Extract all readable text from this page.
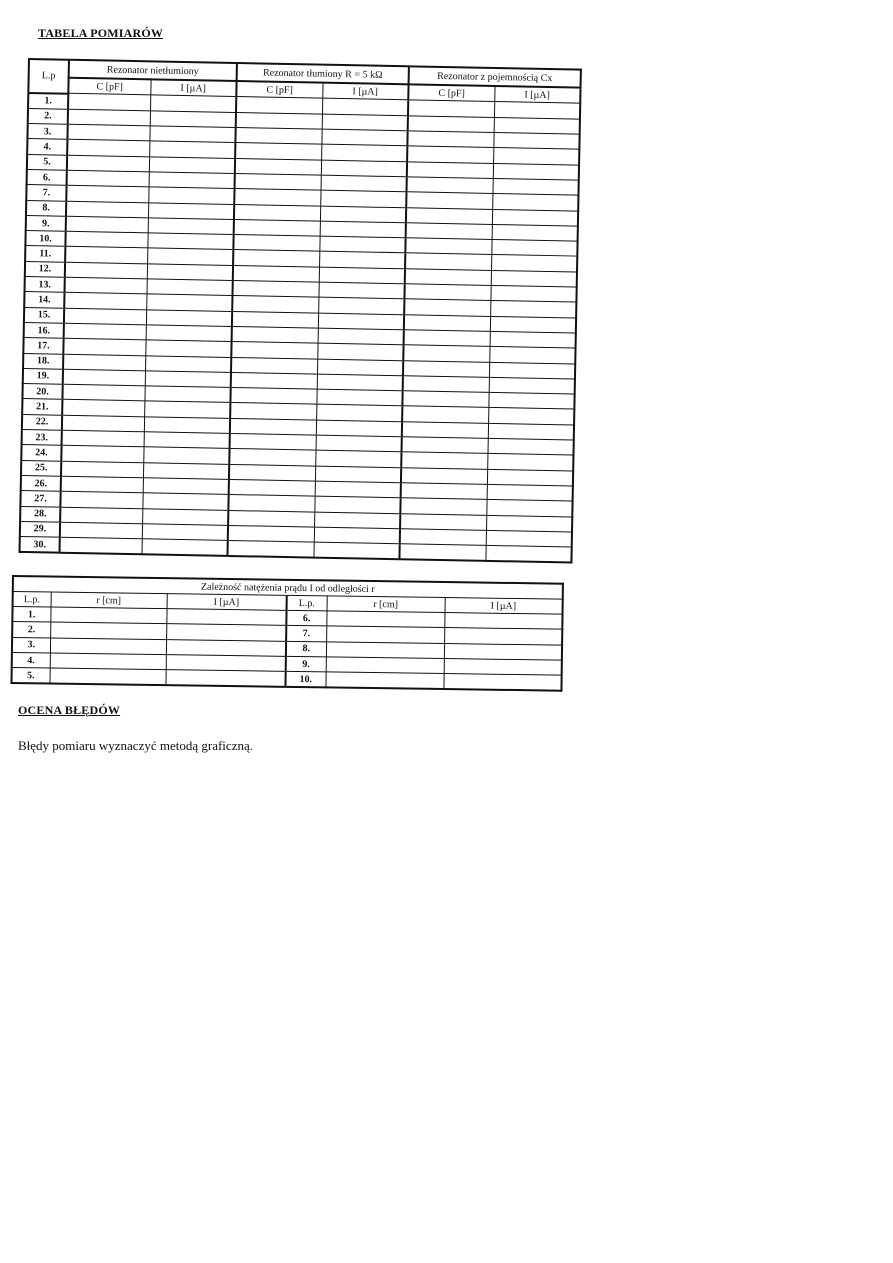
TABELA POMIARÓW
L.p	Rezonator nietłumiony		Rezonator tłumiony R = 5 kΩ		Rezonator z pojemnością Cx	
	C [pF]	I [µA]	C [pF]	I [µA]	C [pF]	I [µA]
1.						
2.						
3.						
4.						
5.						
6.						
7.						
8.						
9.						
10.						
11.						
12.						
13.						
14.						
15.						
16.						
17.						
18.						
19.						
20.						
21.						
22.						
23.						
24.						
25.						
26.						
27.						
28.						
29.						
30.						
Zależność natężenia prądu I od odległości r					
L.p.	r [cm]	I [µA]	L.p.	r [cm]	I [µA]
1.			6.		
2.			7.		
3.			8.		
4.			9.		
5.			10.		
OCENA BŁĘDÓW
Błędy pomiaru wyznaczyć metodą graficzną.
